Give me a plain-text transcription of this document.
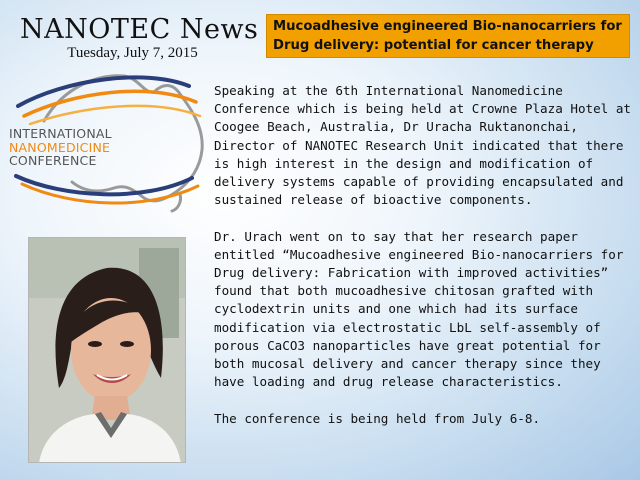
NANOTEC News
Tuesday, July 7, 2015
Mucoadhesive engineered Bio-nanocarriers for
Drug delivery: potential for cancer therapy
INTERNATIONAL
NANOMEDICINE
CONFERENCE

Speaking at the 6th International Nanomedicine Conference which is being held at Crowne Plaza Hotel at Coogee Beach, Australia, Dr Uracha Ruktanonchai, Director of NANOTEC Research Unit indicated that there is high interest in the design and modification of delivery systems capable of providing encapsulated and sustained release of bioactive components.

Dr. Urach went on to say that her research paper entitled “Mucoadhesive engineered Bio-nanocarriers for Drug delivery: Fabrication with improved activities” found that both mucoadhesive chitosan grafted with cyclodextrin units and one which had its surface modification via electrostatic LbL self-assembly of porous CaCO3 nanoparticles have great potential for both mucosal delivery and cancer therapy since they have loading and drug release characteristics.

The conference is being held from July 6-8.
